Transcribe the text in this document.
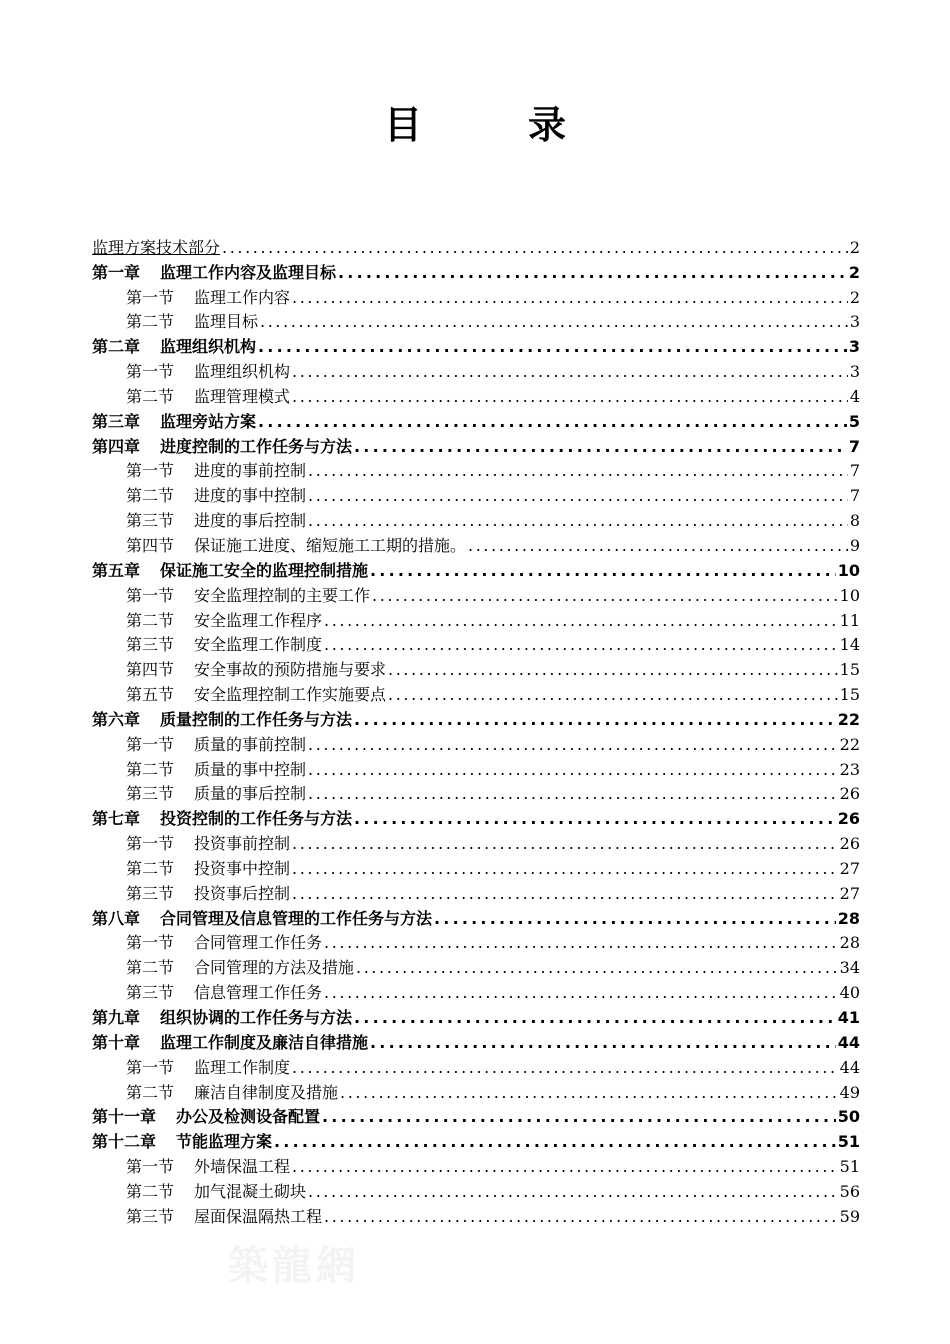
目　录
监理方案技术部分 .....	2
第一章 监理工作内容及监理目标 .....	2
第一节 监理工作内容 .....	2
第二节 监理目标 .....	3
第二章 监理组织机构 .....	3
第一节 监理组织机构 .....	3
第二节 监理管理模式 .....	4
第三章 监理旁站方案 .....	5
第四章 进度控制的工作任务与方法 .....	7
第一节 进度的事前控制 .....	7
第二节 进度的事中控制 .....	7
第三节 进度的事后控制 .....	8
第四节 保证施工进度、缩短施工工期的措施。 .....	9
第五章 保证施工安全的监理控制措施 .....	10
第一节 安全监理控制的主要工作 .....	10
第二节 安全监理工作程序 .....	11
第三节 安全监理工作制度 .....	14
第四节 安全事故的预防措施与要求 .....	15
第五节 安全监理控制工作实施要点 .....	15
第六章 质量控制的工作任务与方法 .....	22
第一节 质量的事前控制 .....	22
第二节 质量的事中控制 .....	23
第三节 质量的事后控制 .....	26
第七章 投资控制的工作任务与方法 .....	26
第一节 投资事前控制 .....	26
第二节 投资事中控制 .....	27
第三节 投资事后控制 .....	27
第八章 合同管理及信息管理的工作任务与方法 .....	28
第一节 合同管理工作任务 .....	28
第二节 合同管理的方法及措施 .....	34
第三节 信息管理工作任务 .....	40
第九章 组织协调的工作任务与方法 .....	41
第十章 监理工作制度及廉洁自律措施 .....	44
第一节 监理工作制度 .....	44
第二节 廉洁自律制度及措施 .....	49
第十一章 办公及检测设备配置 .....	50
第十二章 节能监理方案 .....	51
第一节 外墙保温工程 .....	51
第二节 加气混凝土砌块 .....	56
第三节 屋面保温隔热工程 .....	59
築龍網
